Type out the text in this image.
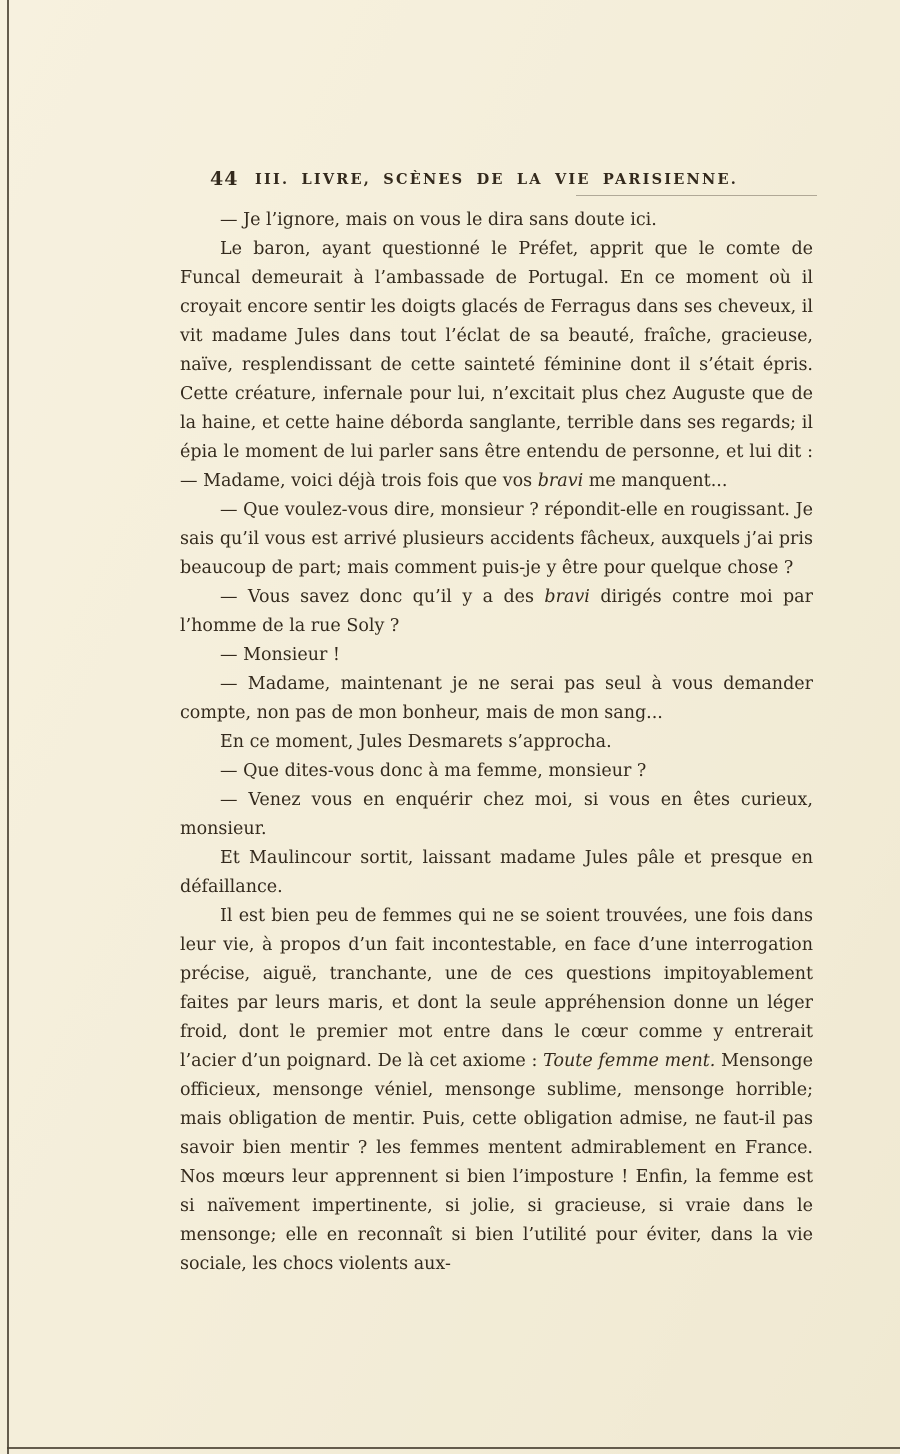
44	III. LIVRE, SCÈNES DE LA VIE PARISIENNE.

— Je l’ignore, mais on vous le dira sans doute ici.

Le baron, ayant questionné le Préfet, apprit que le comte de Funcal demeurait à l’ambassade de Portugal. En ce moment où il croyait encore sentir les doigts glacés de Ferragus dans ses cheveux, il vit madame Jules dans tout l’éclat de sa beauté, fraîche, gracieuse, naïve, resplendissant de cette sainteté féminine dont il s’était épris. Cette créature, infernale pour lui, n’excitait plus chez Auguste que de la haine, et cette haine déborda sanglante, terrible dans ses regards; il épia le moment de lui parler sans être entendu de personne, et lui dit : — Madame, voici déjà trois fois que vos bravi me manquent...

— Que voulez-vous dire, monsieur ? répondit-elle en rougissant. Je sais qu’il vous est arrivé plusieurs accidents fâcheux, auxquels j’ai pris beaucoup de part; mais comment puis-je y être pour quelque chose ?

— Vous savez donc qu’il y a des bravi dirigés contre moi par l’homme de la rue Soly ?

— Monsieur !

— Madame, maintenant je ne serai pas seul à vous demander compte, non pas de mon bonheur, mais de mon sang...

En ce moment, Jules Desmarets s’approcha.

— Que dites-vous donc à ma femme, monsieur ?

— Venez vous en enquérir chez moi, si vous en êtes curieux, monsieur.

Et Maulincour sortit, laissant madame Jules pâle et presque en défaillance.

Il est bien peu de femmes qui ne se soient trouvées, une fois dans leur vie, à propos d’un fait incontestable, en face d’une interrogation précise, aiguë, tranchante, une de ces questions impitoyablement faites par leurs maris, et dont la seule appréhension donne un léger froid, dont le premier mot entre dans le cœur comme y entrerait l’acier d’un poignard. De là cet axiome : Toute femme ment. Mensonge officieux, mensonge véniel, mensonge sublime, mensonge horrible; mais obligation de mentir. Puis, cette obligation admise, ne faut-il pas savoir bien mentir ? les femmes mentent admirablement en France. Nos mœurs leur apprennent si bien l’imposture ! Enfin, la femme est si naïvement impertinente, si jolie, si gracieuse, si vraie dans le mensonge; elle en reconnaît si bien l’utilité pour éviter, dans la vie sociale, les chocs violents aux-
